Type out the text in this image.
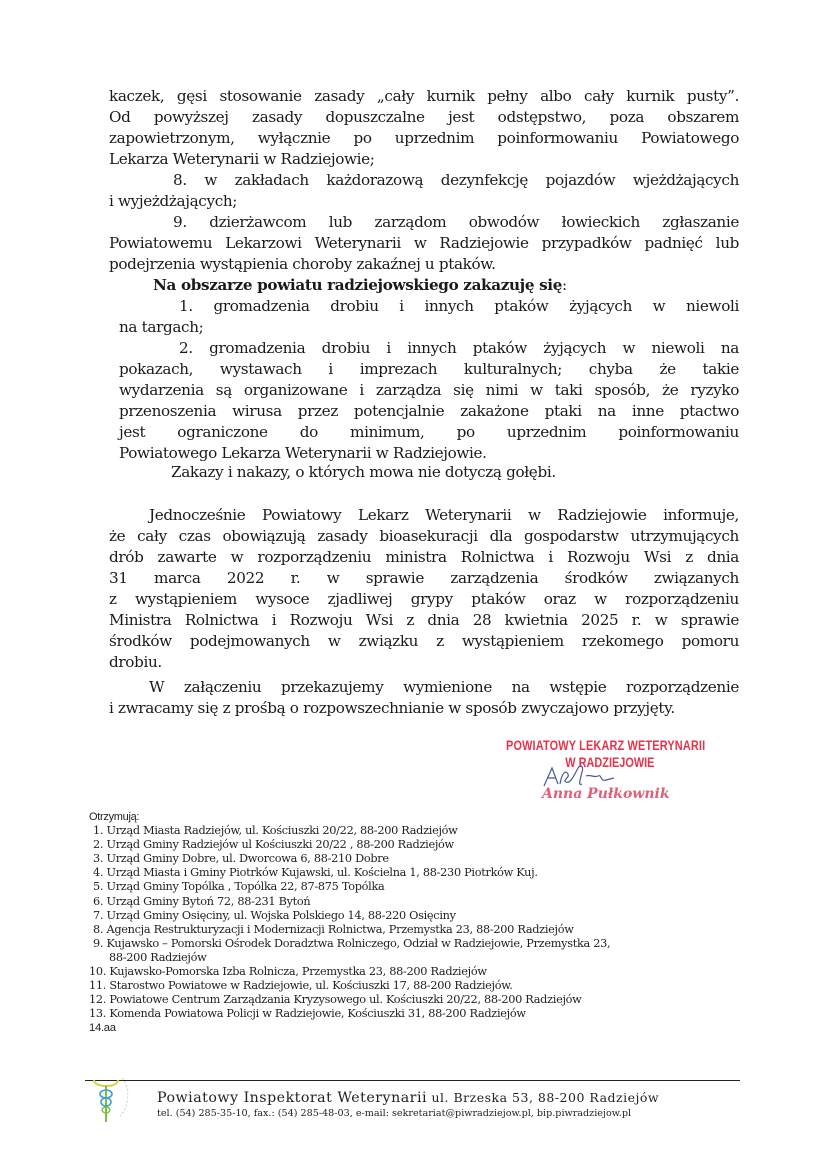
kaczek, gęsi stosowanie zasady „cały kurnik pełny albo cały kurnik pusty”.
Od powyższej zasady dopuszczalne jest odstępstwo, poza obszarem
zapowietrzonym, wyłącznie po uprzednim poinformowaniu Powiatowego
Lekarza Weterynarii w Radziejowie;
8. w zakładach każdorazową dezynfekcję pojazdów wjeżdżających
i wyjeżdżających;
9. dzierżawcom lub zarządom obwodów łowieckich zgłaszanie
Powiatowemu Lekarzowi Weterynarii w Radziejowie przypadków padnięć lub
podejrzenia wystąpienia choroby zakaźnej u ptaków.
Na obszarze powiatu radziejowskiego zakazuję się:
1. gromadzenia drobiu i innych ptaków żyjących w niewoli
na targach;
2. gromadzenia drobiu i innych ptaków żyjących w niewoli na
pokazach, wystawach i imprezach kulturalnych; chyba że takie
wydarzenia są organizowane i zarządza się nimi w taki sposób, że ryzyko
przenoszenia wirusa przez potencjalnie zakażone ptaki na inne ptactwo
jest ograniczone do minimum, po uprzednim poinformowaniu
Powiatowego Lekarza Weterynarii w Radziejowie.
Zakazy i nakazy, o których mowa nie dotyczą gołębi.
Jednocześnie Powiatowy Lekarz Weterynarii w Radziejowie informuje,
że cały czas obowiązują zasady bioasekuracji dla gospodarstw utrzymujących
drób zawarte w rozporządzeniu ministra Rolnictwa i Rozwoju Wsi z dnia
31 marca 2022 r. w sprawie zarządzenia środków związanych
z wystąpieniem wysoce zjadliwej grypy ptaków oraz w rozporządzeniu
Ministra Rolnictwa i Rozwoju Wsi z dnia 28 kwietnia 2025 r. w sprawie
środków podejmowanych w związku z wystąpieniem rzekomego pomoru
drobiu.
W załączeniu przekazujemy wymienione na wstępie rozporządzenie
i zwracamy się z prośbą o rozpowszechnianie w sposób zwyczajowo przyjęty.
POWIATOWY LEKARZ WETERYNARII
W RADZIEJOWIE
Anna Pułkownik
Otrzymują:
1. Urząd Miasta Radziejów, ul. Kościuszki 20/22, 88-200 Radziejów
2. Urząd Gminy Radziejów ul Kościuszki 20/22 , 88-200 Radziejów
3. Urząd Gminy Dobre, ul. Dworcowa 6, 88-210 Dobre
4. Urząd Miasta i Gminy Piotrków Kujawski, ul. Kościelna 1, 88-230 Piotrków Kuj.
5. Urząd Gminy Topólka , Topólka 22, 87-875 Topólka
6. Urząd Gminy Bytoń 72, 88-231 Bytoń
7. Urząd Gminy Osięciny, ul. Wojska Polskiego 14, 88-220 Osięciny
8. Agencja Restrukturyzacji i Modernizacji Rolnictwa, Przemystka 23, 88-200 Radziejów
9. Kujawsko – Pomorski Ośrodek Doradztwa Rolniczego, Odział w Radziejowie, Przemystka 23,
88-200 Radziejów
10. Kujawsko-Pomorska Izba Rolnicza, Przemystka 23, 88-200 Radziejów
11. Starostwo Powiatowe w Radziejowie, ul. Kościuszki 17, 88-200 Radziejów.
12. Powiatowe Centrum Zarządzania Kryzysowego ul. Kościuszki 20/22, 88-200 Radziejów
13. Komenda Powiatowa Policji w Radziejowie, Kościuszki 31, 88-200 Radziejów
14.aa
Powiatowy Inspektorat Weterynarii ul. Brzeska 53, 88-200 Radziejów
tel. (54) 285-35-10, fax.: (54) 285-48-03, e-mail: sekretariat@piwradziejow.pl, bip.piwradziejow.pl
